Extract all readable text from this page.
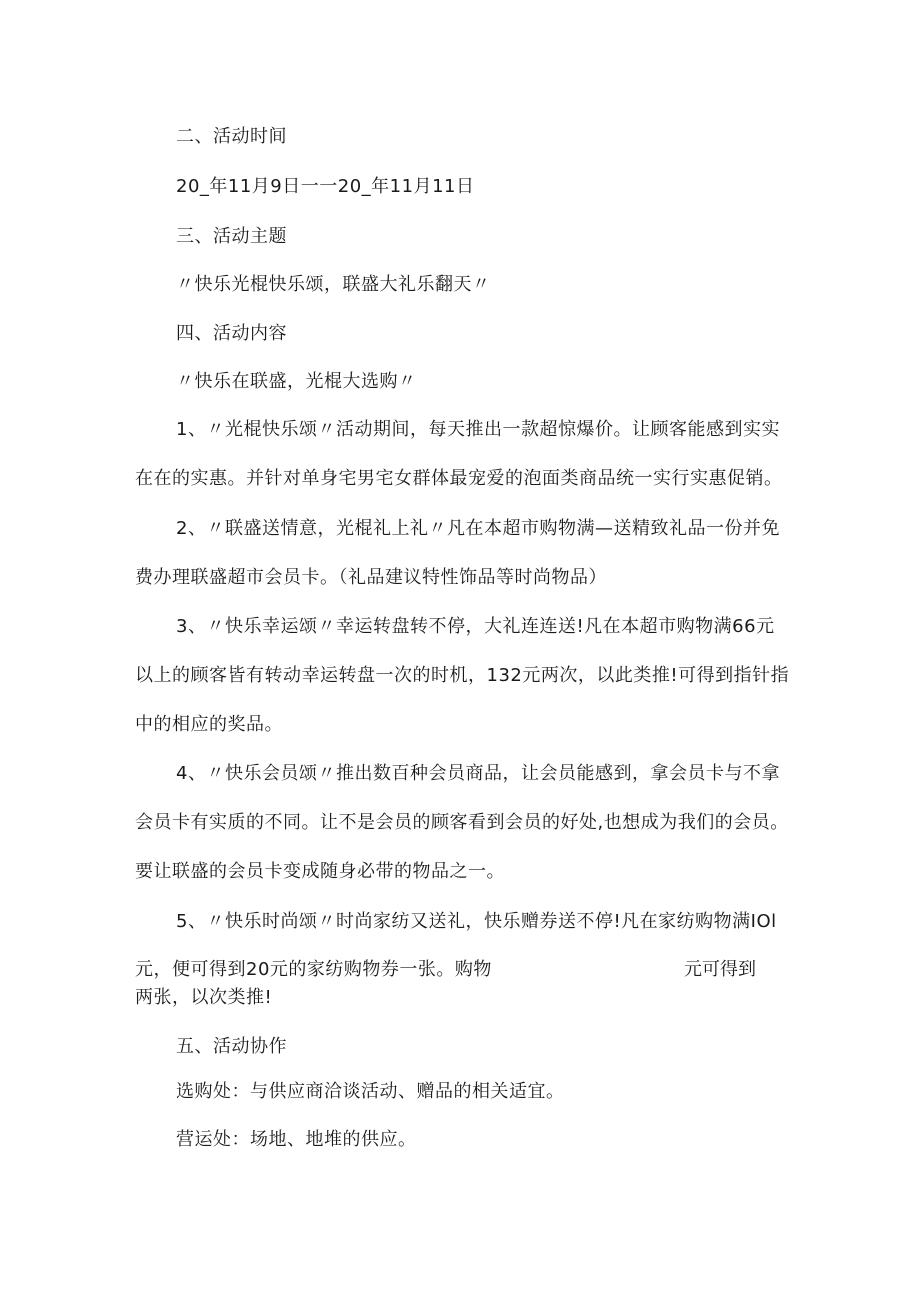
二、活动时间
20_年11月9日一一20_年11月11日
三、活动主题
〃快乐光棍快乐颂，联盛大礼乐翻天〃
四、活动内容
〃快乐在联盛，光棍大选购〃
1、〃光棍快乐颂〃活动期间，每天推出一款超惊爆价。让顾客能感到实实
在在的实惠。并针对单身宅男宅女群体最宠爱的泡面类商品统一实行实惠促销。
2、〃联盛送情意，光棍礼上礼〃凡在本超市购物满—送精致礼品一份并免
费办理联盛超市会员卡。（礼品建议特性饰品等时尚物品）
3、〃快乐幸运颂〃幸运转盘转不停，大礼连连送!凡在本超市购物满66元
以上的顾客皆有转动幸运转盘一次的时机，132元两次，以此类推!可得到指针指
中的相应的奖品。
4、〃快乐会员颂〃推出数百种会员商品，让会员能感到，拿会员卡与不拿
会员卡有实质的不同。让不是会员的顾客看到会员的好处,也想成为我们的会员。
要让联盛的会员卡变成随身必带的物品之一。
5、〃快乐时尚颂〃时尚家纺又送礼，快乐赠券送不停!凡在家纺购物满IOl
元，便可得到20元的家纺购物券一张。购物	元可得到
两张，以次类推!
五、活动协作
选购处：与供应商洽谈活动、赠品的相关适宜。
营运处：场地、地堆的供应。
